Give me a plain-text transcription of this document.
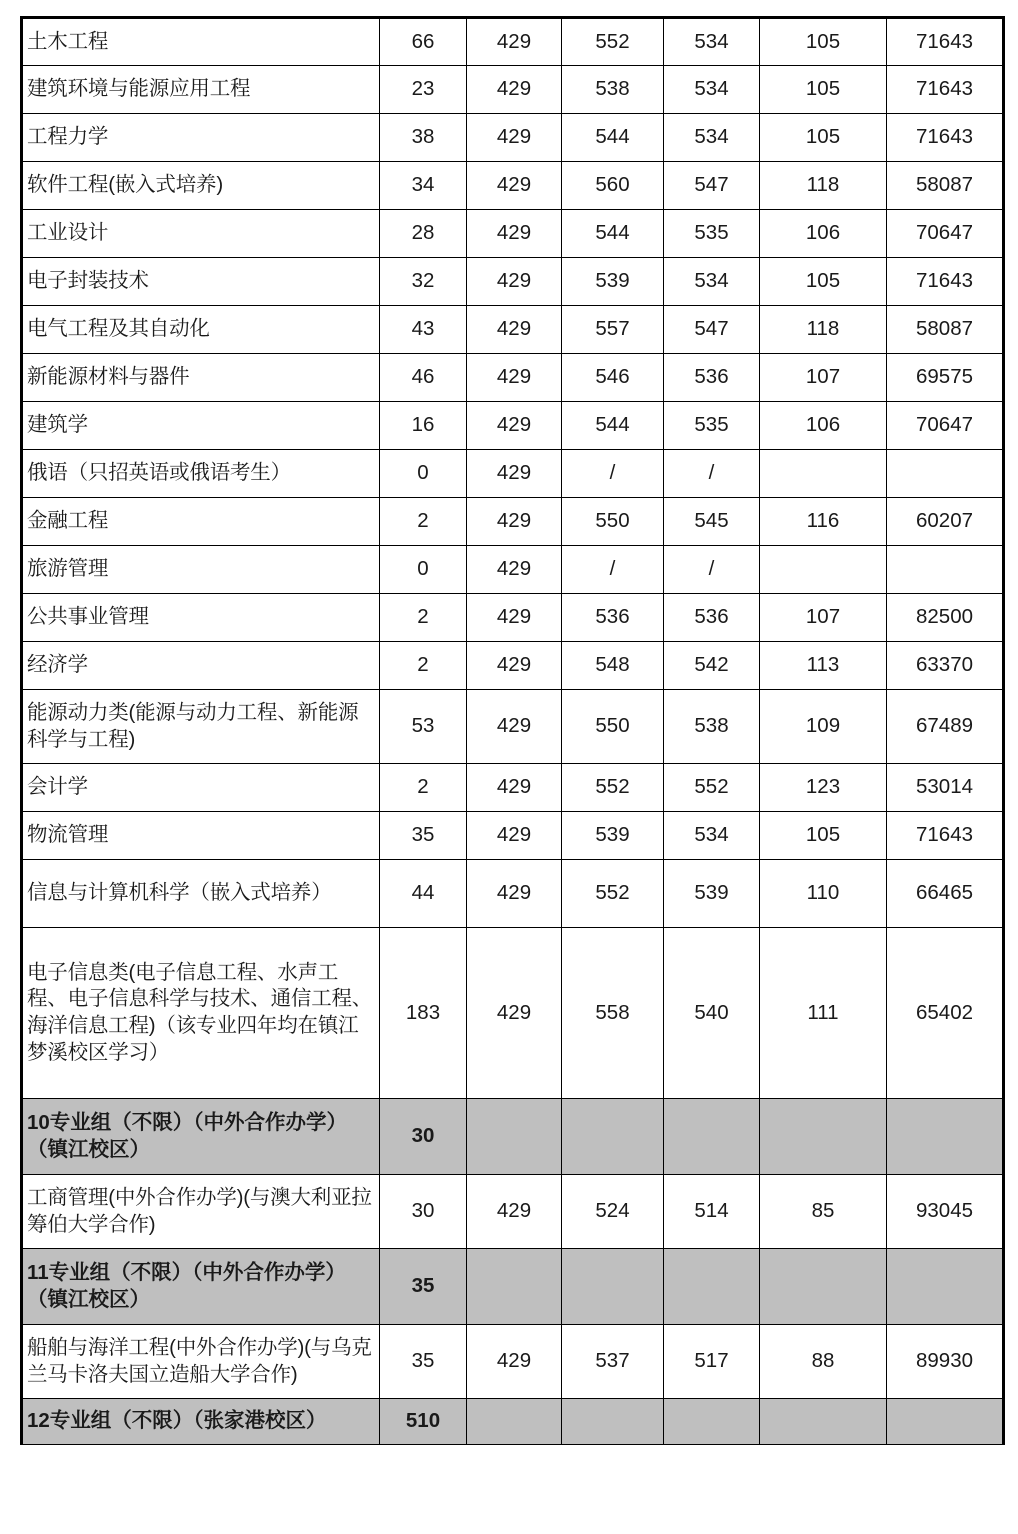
土木工程	66	429	552	534	105	71643
建筑环境与能源应用工程	23	429	538	534	105	71643
工程力学	38	429	544	534	105	71643
软件工程(嵌入式培养)	34	429	560	547	118	58087
工业设计	28	429	544	535	106	70647
电子封装技术	32	429	539	534	105	71643
电气工程及其自动化	43	429	557	547	118	58087
新能源材料与器件	46	429	546	536	107	69575
建筑学	16	429	544	535	106	70647
俄语（只招英语或俄语考生）	0	429	/	/		
金融工程	2	429	550	545	116	60207
旅游管理	0	429	/	/		
公共事业管理	2	429	536	536	107	82500
经济学	2	429	548	542	113	63370
能源动力类(能源与动力工程、新能源科学与工程)	53	429	550	538	109	67489
会计学	2	429	552	552	123	53014
物流管理	35	429	539	534	105	71643
信息与计算机科学（嵌入式培养）	44	429	552	539	110	66465
电子信息类(电子信息工程、水声工程、电子信息科学与技术、通信工程、海洋信息工程)（该专业四年均在镇江梦溪校区学习）	183	429	558	540	111	65402
10专业组（不限）（中外合作办学）（镇江校区）	30					
工商管理(中外合作办学)(与澳大利亚拉筹伯大学合作)	30	429	524	514	85	93045
11专业组（不限）（中外合作办学）（镇江校区）	35					
船舶与海洋工程(中外合作办学)(与乌克兰马卡洛夫国立造船大学合作)	35	429	537	517	88	89930
12专业组（不限）（张家港校区）	510					
